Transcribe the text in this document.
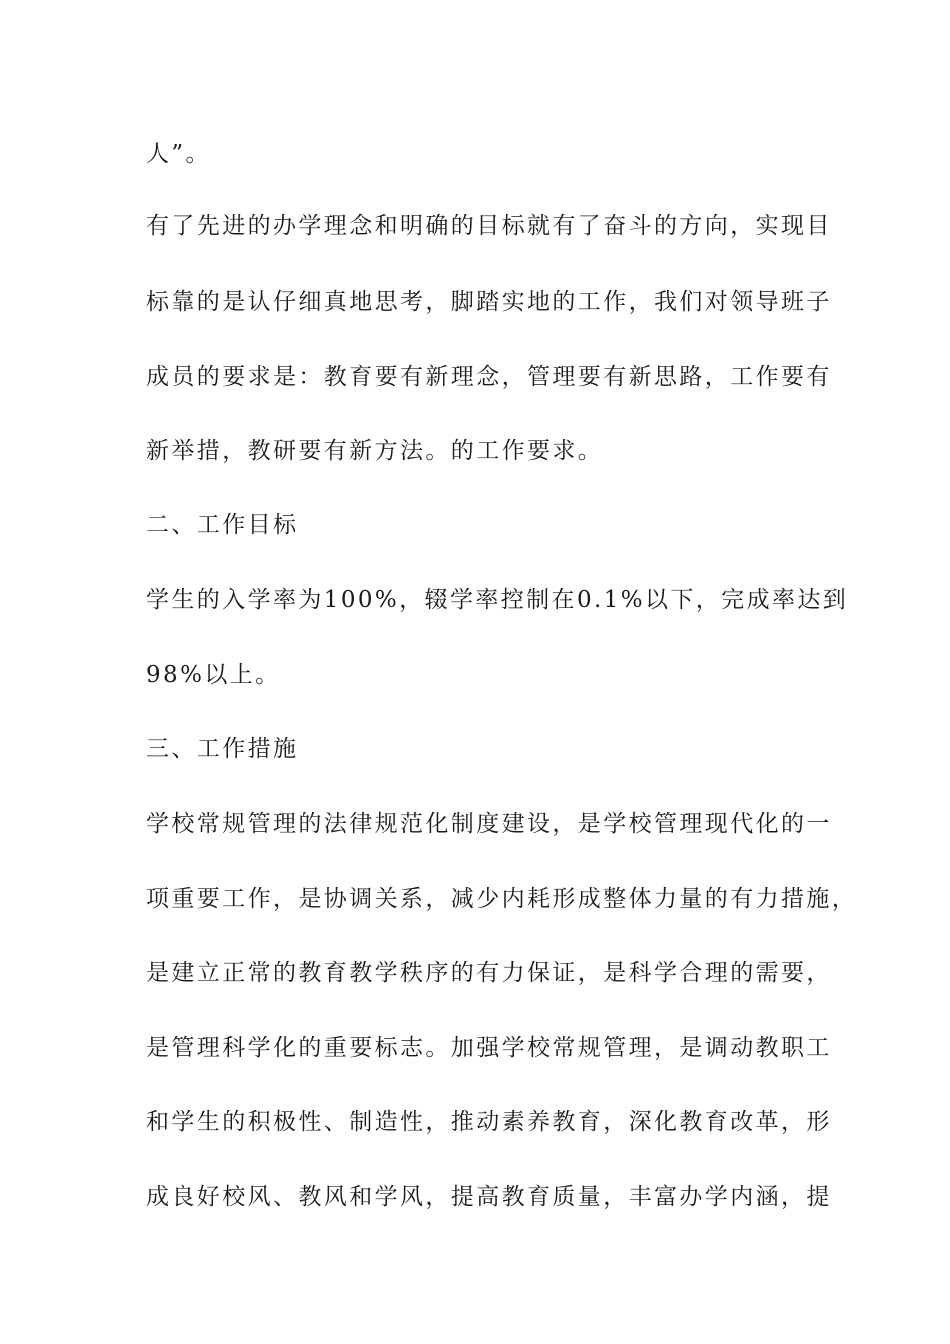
人”。
有了先进的办学理念和明确的目标就有了奋斗的方向，实现目
标靠的是认仔细真地思考，脚踏实地的工作，我们对领导班子
成员的要求是：教育要有新理念，管理要有新思路，工作要有
新举措，教研要有新方法。的工作要求。
二、工作目标
学生的入学率为100%，辍学率控制在0.1%以下，完成率达到
98%以上。
三、工作措施
学校常规管理的法律规范化制度建设，是学校管理现代化的一
项重要工作，是协调关系，减少内耗形成整体力量的有力措施，
是建立正常的教育教学秩序的有力保证，是科学合理的需要，
是管理科学化的重要标志。加强学校常规管理，是调动教职工
和学生的积极性、制造性，推动素养教育，深化教育改革，形
成良好校风、教风和学风，提高教育质量，丰富办学内涵，提
